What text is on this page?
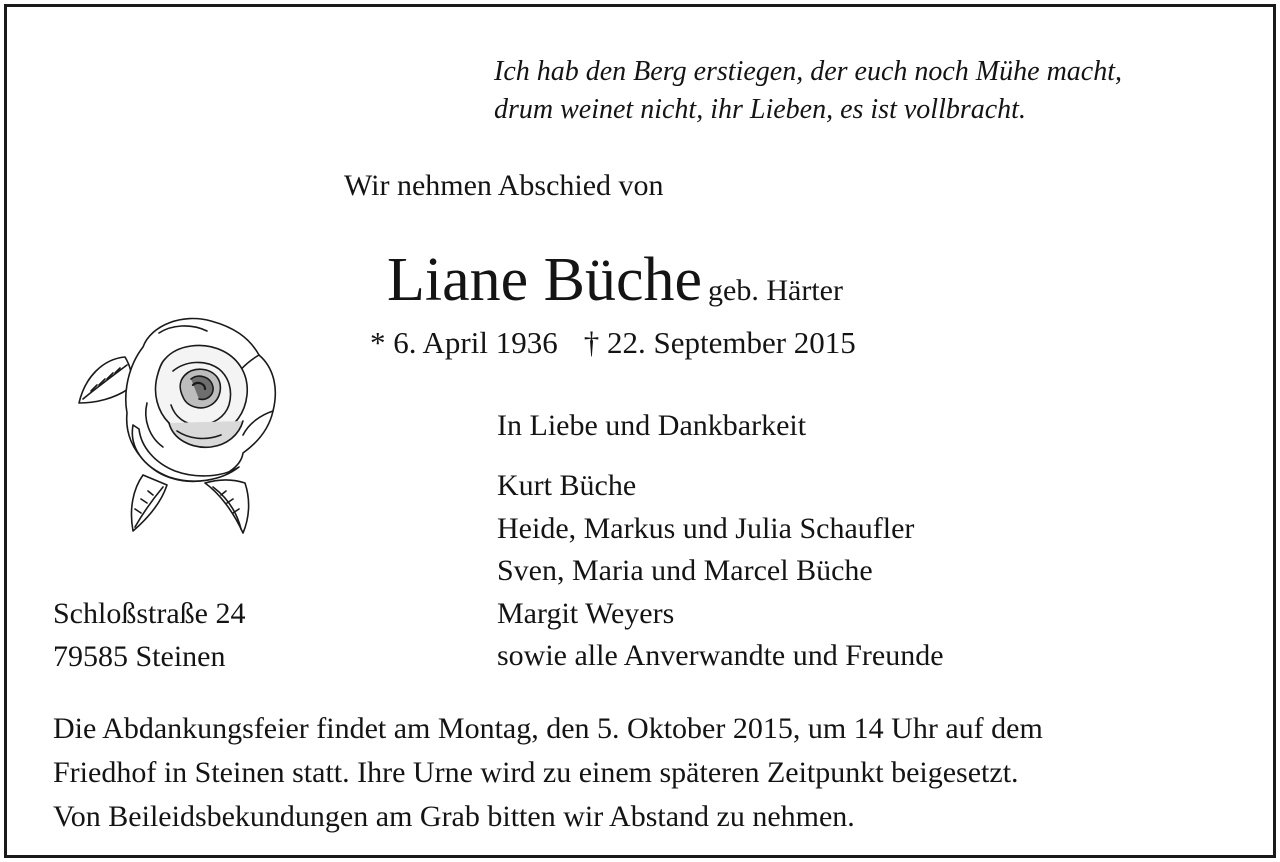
Ich hab den Berg erstiegen, der euch noch Mühe macht,
drum weinet nicht, ihr Lieben, es ist vollbracht.
Wir nehmen Abschied von
Liane Büche geb. Härter
* 6. April 1936 † 22. September 2015
In Liebe und Dankbarkeit
Kurt Büche
Heide, Markus und Julia Schaufler
Sven, Maria und Marcel Büche
Margit Weyers
sowie alle Anverwandte und Freunde
Schloßstraße 24
79585 Steinen
Die Abdankungsfeier findet am Montag, den 5. Oktober 2015, um 14 Uhr auf dem
Friedhof in Steinen statt. Ihre Urne wird zu einem späteren Zeitpunkt beigesetzt.
Von Beileidsbekundungen am Grab bitten wir Abstand zu nehmen.
